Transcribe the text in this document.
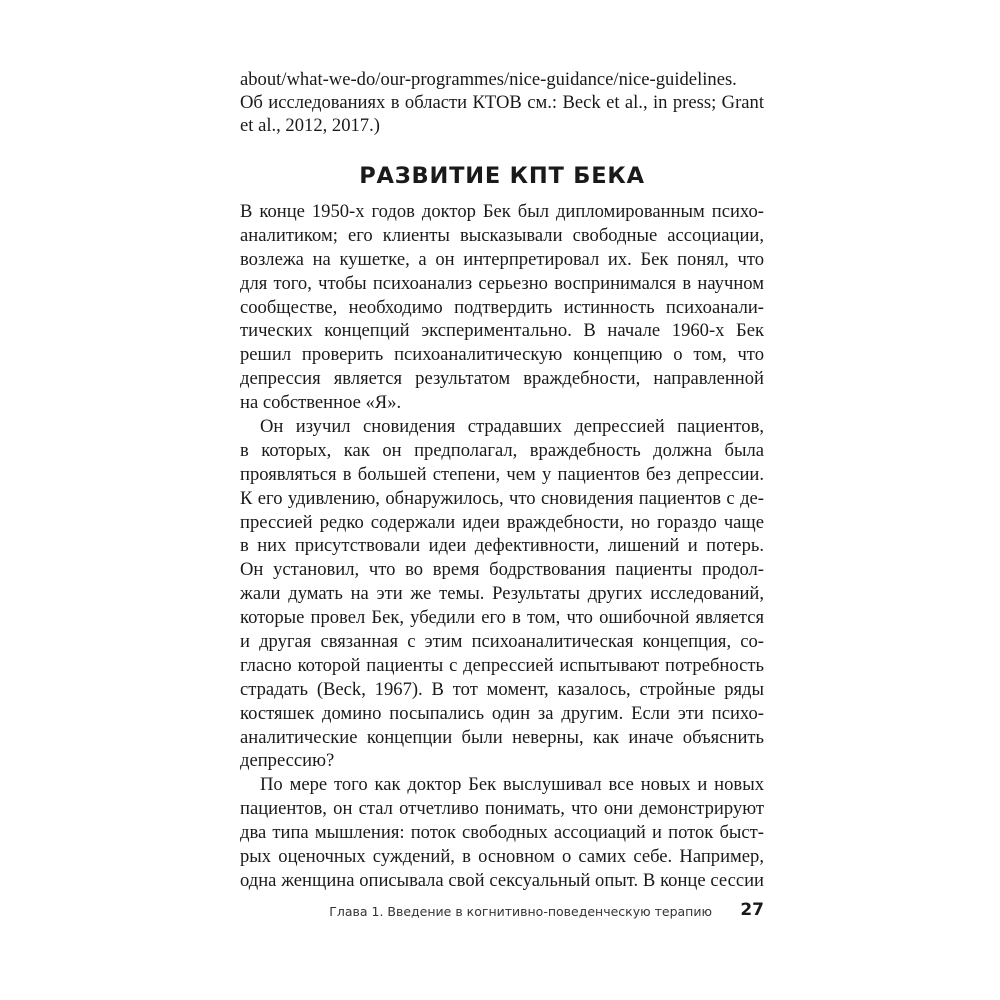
about/what-we-do/our-programmes/nice-guidance/nice-guidelines.
Об исследованиях в области КТОВ см.: Beck et al., in press; Grant
et al., 2012, 2017.)
РАЗВИТИЕ КПТ БЕКА
В конце 1950-х годов доктор Бек был дипломированным психо-
аналитиком; его клиенты высказывали свободные ассоциации,
возлежа на кушетке, а он интерпретировал их. Бек понял, что
для того, чтобы психоанализ серьезно воспринимался в научном
сообществе, необходимо подтвердить истинность психоанали-
тических концепций экспериментально. В начале 1960-х Бек
решил проверить психоаналитическую концепцию о том, что
депрессия является результатом враждебности, направленной
на собственное «Я».
Он изучил сновидения страдавших депрессией пациентов,
в которых, как он предполагал, враждебность должна была
проявляться в большей степени, чем у пациентов без депрессии.
К его удивлению, обнаружилось, что сновидения пациентов с де-
прессией редко содержали идеи враждебности, но гораздо чаще
в них присутствовали идеи дефективности, лишений и потерь.
Он установил, что во время бодрствования пациенты продол-
жали думать на эти же темы. Результаты других исследований,
которые провел Бек, убедили его в том, что ошибочной является
и другая связанная с этим психоаналитическая концепция, со-
гласно которой пациенты с депрессией испытывают потребность
страдать (Beck, 1967). В тот момент, казалось, стройные ряды
костяшек домино посыпались один за другим. Если эти психо-
аналитические концепции были неверны, как иначе объяснить
депрессию?
По мере того как доктор Бек выслушивал все новых и новых
пациентов, он стал отчетливо понимать, что они демонстрируют
два типа мышления: поток свободных ассоциаций и поток быст-
рых оценочных суждений, в основном о самих себе. Например,
одна женщина описывала свой сексуальный опыт. В конце сессии
Глава 1. Введение в когнитивно-поведенческую терапию 27
